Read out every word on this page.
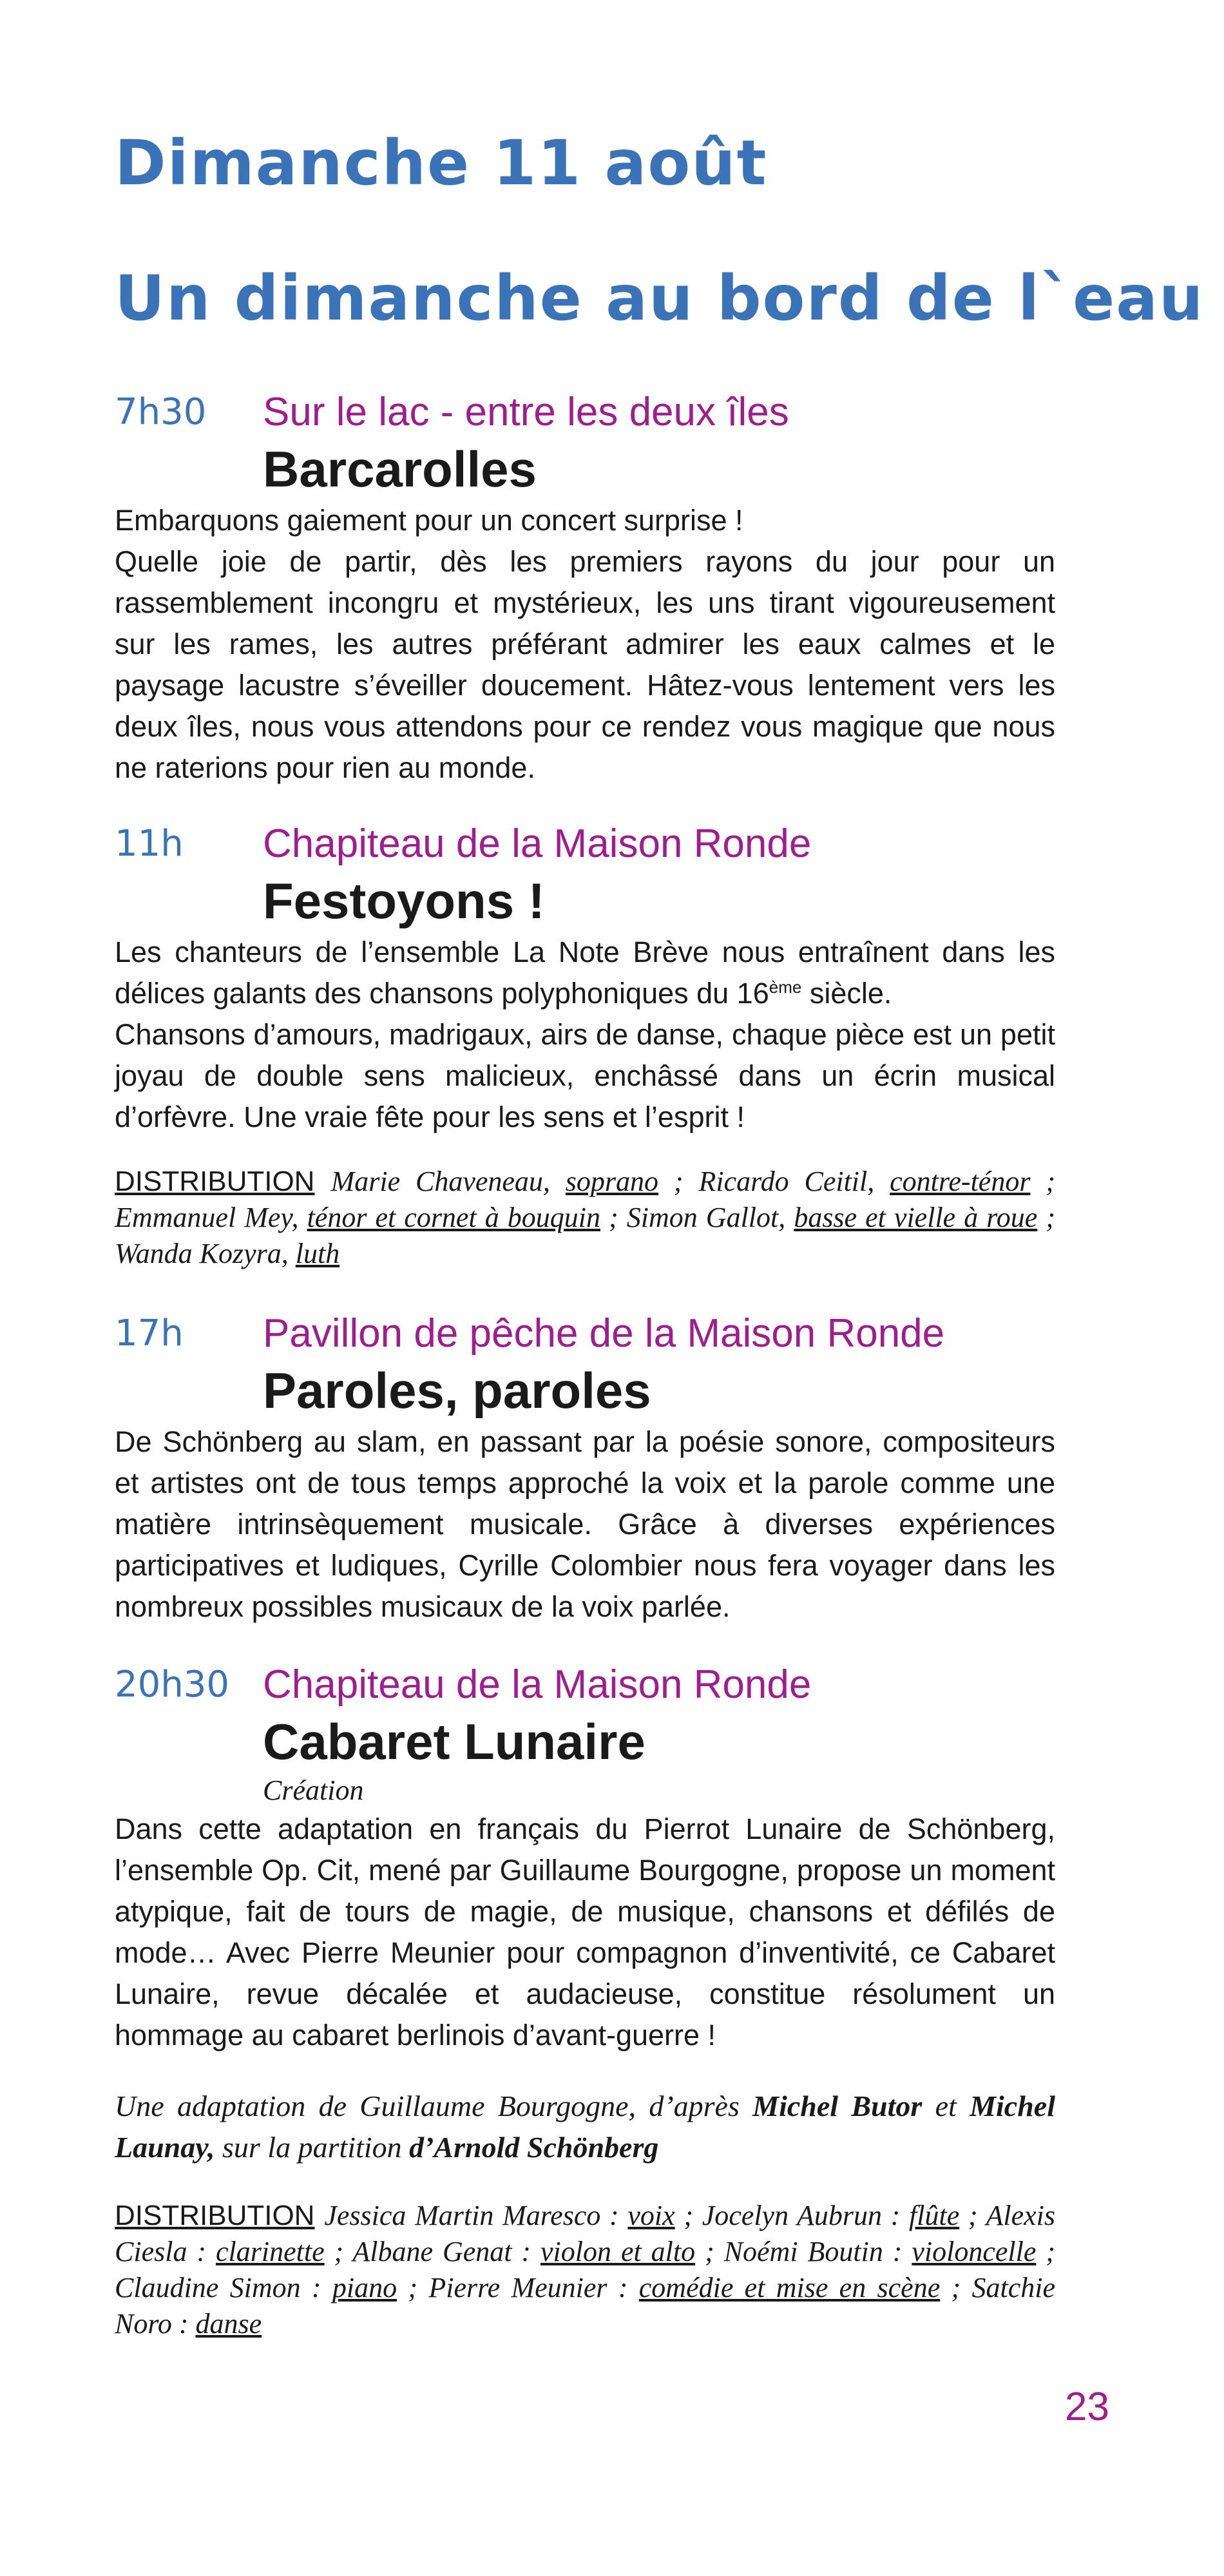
Dimanche 11 août
Un dimanche au bord de l`eau
7h30 Sur le lac - entre les deux îles
Barcarolles

Embarquons gaiement pour un concert surprise !

Quelle joie de partir, dès les premiers rayons du jour pour un rassemblement incongru et mystérieux, les uns tirant vigoureusement sur les rames, les autres préférant admirer les eaux calmes et le paysage lacustre s’éveiller doucement. Hâtez-vous lentement vers les deux îles, nous vous attendons pour ce rendez vous magique que nous ne raterions pour rien au monde.

11h Chapiteau de la Maison Ronde
Festoyons !

Les chanteurs de l’ensemble La Note Brève nous entraînent dans les délices galants des chansons polyphoniques du 16ème siècle.

Chansons d’amours, madrigaux, airs de danse, chaque pièce est un petit joyau de double sens malicieux, enchâssé dans un écrin musical d’orfèvre. Une vraie fête pour les sens et l’esprit !

DISTRIBUTION Marie Chaveneau, soprano ; Ricardo Ceitil, contre-ténor ; Emmanuel Mey, ténor et cornet à bouquin ; Simon Gallot, basse et vielle à roue ; Wanda Kozyra, luth
17h Pavillon de pêche de la Maison Ronde
Paroles, paroles

De Schönberg au slam, en passant par la poésie sonore, compositeurs et artistes ont de tous temps approché la voix et la parole comme une matière intrinsèquement musicale. Grâce à diverses expériences participatives et ludiques, Cyrille Colombier nous fera voyager dans les nombreux possibles musicaux de la voix parlée.

20h30 Chapiteau de la Maison Ronde
Cabaret Lunaire
Création

Dans cette adaptation en français du Pierrot Lunaire de Schönberg, l’ensemble Op. Cit, mené par Guillaume Bourgogne, propose un moment atypique, fait de tours de magie, de musique, chansons et défilés de mode… Avec Pierre Meunier pour compagnon d’inventivité, ce Cabaret Lunaire, revue décalée et audacieuse, constitue résolument un hommage au cabaret berlinois d’avant-guerre !

Une adaptation de Guillaume Bourgogne, d’après Michel Butor et Michel Launay, sur la partition d’Arnold Schönberg
DISTRIBUTION Jessica Martin Maresco : voix ; Jocelyn Aubrun : flûte ; Alexis Ciesla : clarinette ; Albane Genat : violon et alto ; Noémi Boutin : violoncelle ; Claudine Simon : piano ; Pierre Meunier : comédie et mise en scène ; Satchie Noro : danse
23
